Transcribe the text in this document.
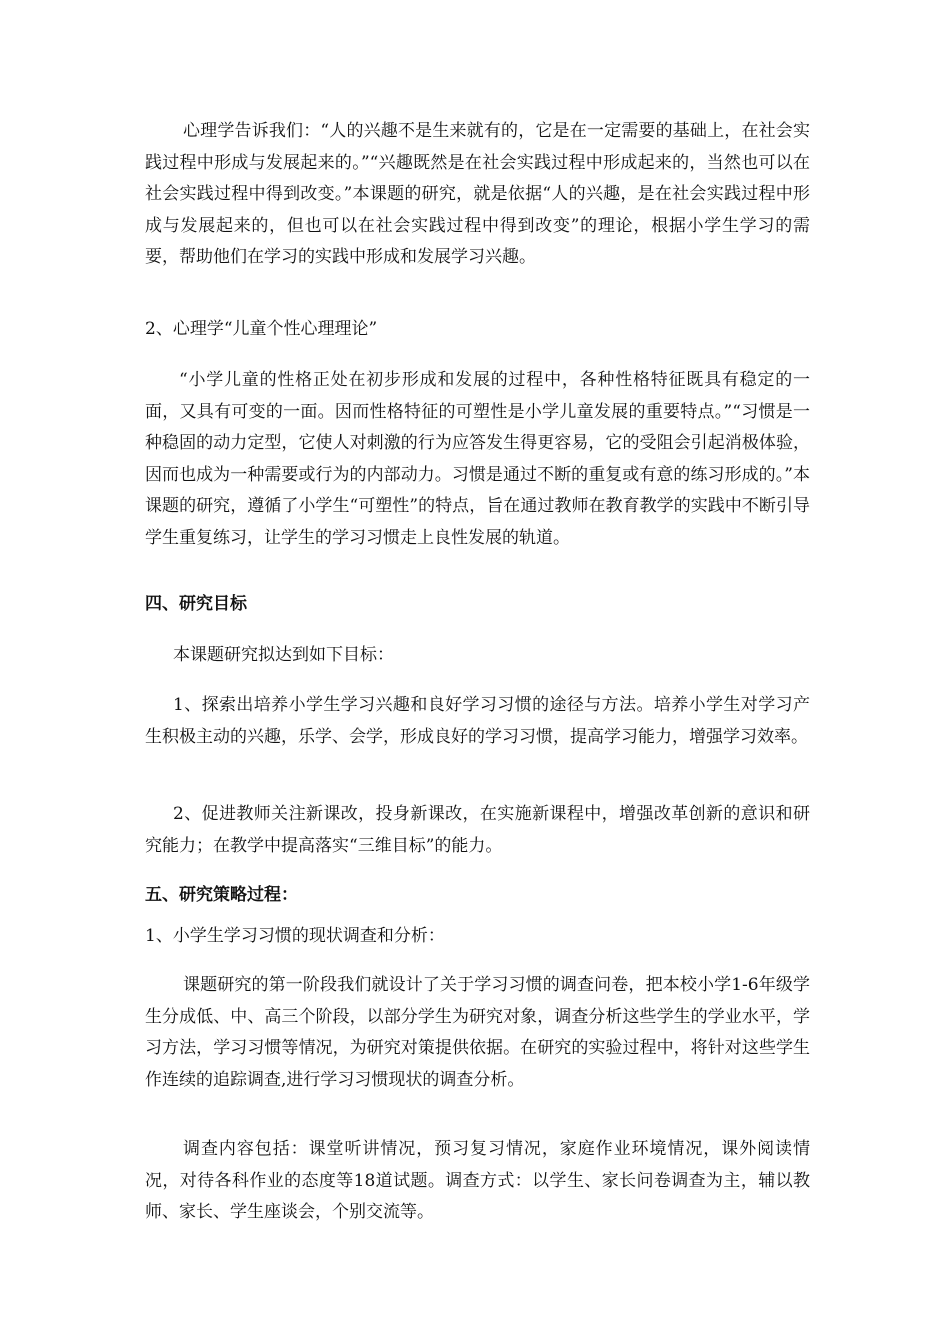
心理学告诉我们：“人的兴趣不是生来就有的，它是在一定需要的基础上，在社会实践过程中形成与发展起来的。”“兴趣既然是在社会实践过程中形成起来的，当然也可以在社会实践过程中得到改变。”本课题的研究，就是依据“人的兴趣，是在社会实践过程中形成与发展起来的，但也可以在社会实践过程中得到改变”的理论，根据小学生学习的需要，帮助他们在学习的实践中形成和发展学习兴趣。

2、心理学“儿童个性心理理论”

“小学儿童的性格正处在初步形成和发展的过程中，各种性格特征既具有稳定的一面，又具有可变的一面。因而性格特征的可塑性是小学儿童发展的重要特点。”“习惯是一种稳固的动力定型，它使人对刺激的行为应答发生得更容易，它的受阻会引起消极体验，因而也成为一种需要或行为的内部动力。习惯是通过不断的重复或有意的练习形成的。”本课题的研究，遵循了小学生“可塑性”的特点，旨在通过教师在教育教学的实践中不断引导学生重复练习，让学生的学习习惯走上良性发展的轨道。

四、研究目标

本课题研究拟达到如下目标：

1、探索出培养小学生学习兴趣和良好学习习惯的途径与方法。培养小学生对学习产生积极主动的兴趣，乐学、会学，形成良好的学习习惯，提高学习能力，增强学习效率。

2、促进教师关注新课改，投身新课改，在实施新课程中，增强改革创新的意识和研究能力；在教学中提高落实“三维目标”的能力。

五、研究策略过程：

1、小学生学习习惯的现状调查和分析：

课题研究的第一阶段我们就设计了关于学习习惯的调查问卷，把本校小学1-6年级学生分成低、中、高三个阶段，以部分学生为研究对象，调查分析这些学生的学业水平，学习方法，学习习惯等情况，为研究对策提供依据。在研究的实验过程中，将针对这些学生作连续的追踪调查,进行学习习惯现状的调查分析。

调查内容包括：课堂听讲情况，预习复习情况，家庭作业环境情况，课外阅读情况，对待各科作业的态度等18道试题。调查方式：以学生、家长问卷调查为主，辅以教师、家长、学生座谈会，个别交流等。
